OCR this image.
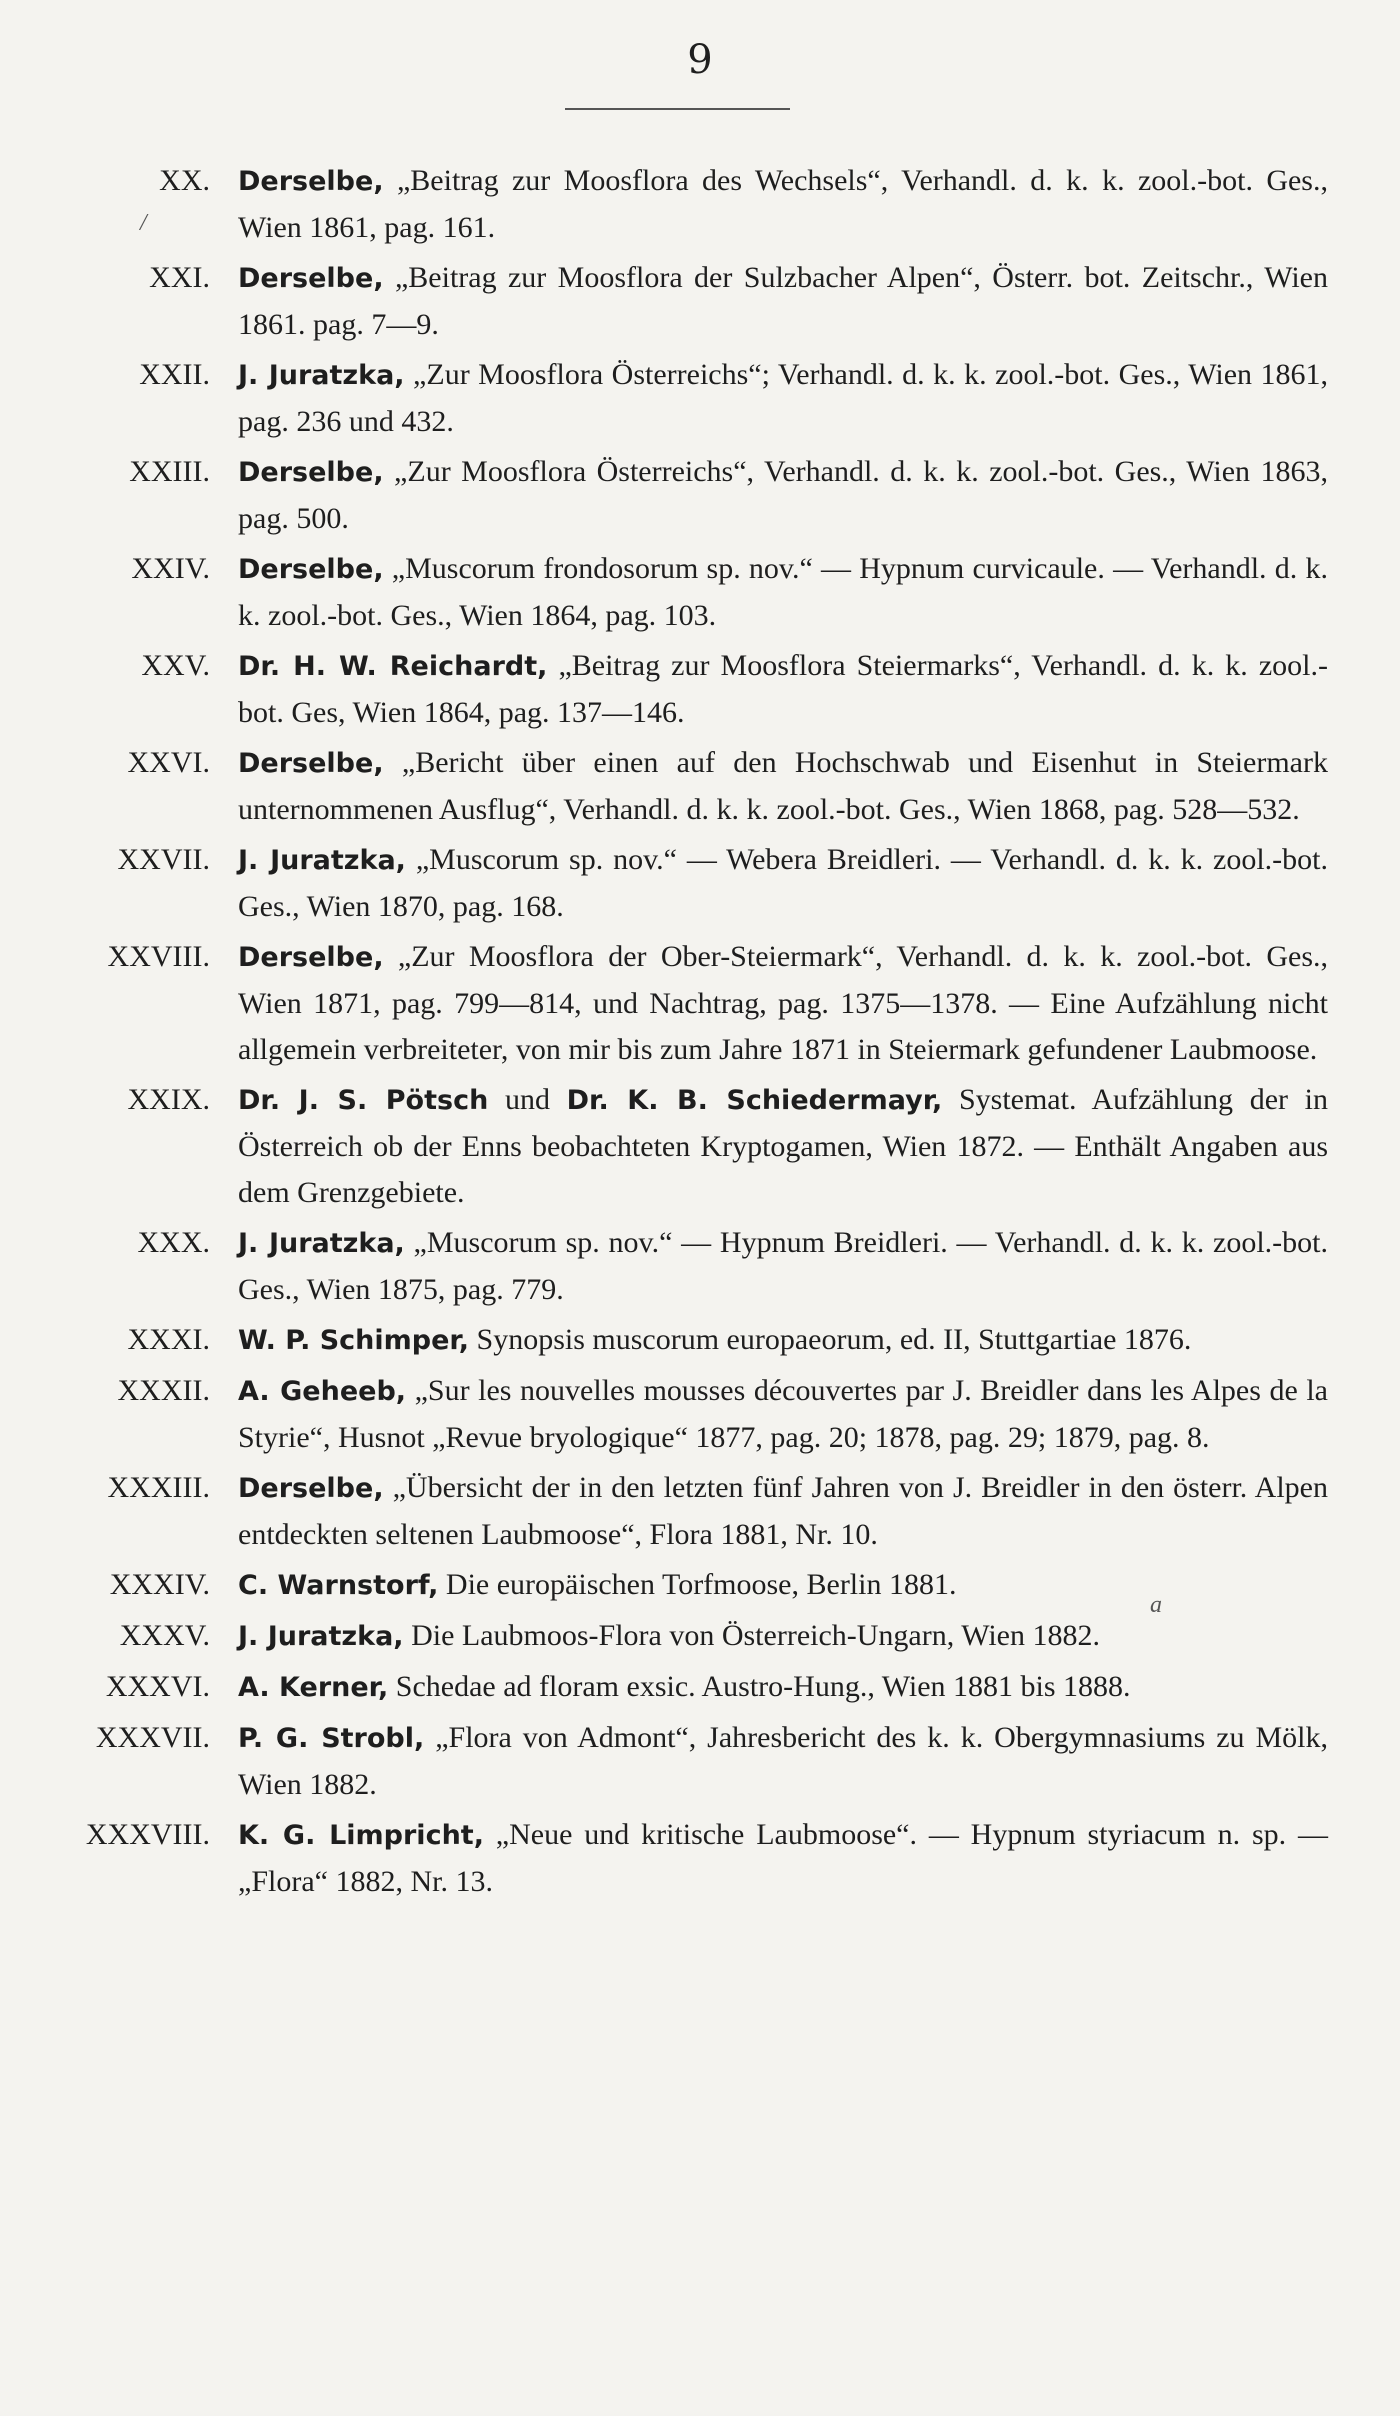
9
/
a
XX. Derselbe, „Beitrag zur Moosflora des Wechsels“, Verhandl. d. k. k. zool.-bot. Ges., Wien 1861, pag. 161.
XXI. Derselbe, „Beitrag zur Moosflora der Sulzbacher Alpen“, Österr. bot. Zeitschr., Wien 1861. pag. 7—9.
XXII. J. Juratzka, „Zur Moosflora Österreichs“; Verhandl. d. k. k. zool.-bot. Ges., Wien 1861, pag. 236 und 432.
XXIII. Derselbe, „Zur Moosflora Österreichs“, Verhandl. d. k. k. zool.-bot. Ges., Wien 1863, pag. 500.
XXIV. Derselbe, „Muscorum frondosorum sp. nov.“ — Hypnum curvicaule. — Verhandl. d. k. k. zool.-bot. Ges., Wien 1864, pag. 103.
XXV. Dr. H. W. Reichardt, „Beitrag zur Moosflora Steiermarks“, Verhandl. d. k. k. zool.-bot. Ges, Wien 1864, pag. 137—146.
XXVI. Derselbe, „Bericht über einen auf den Hochschwab und Eisenhut in Steiermark unternommenen Ausflug“, Verhandl. d. k. k. zool.-bot. Ges., Wien 1868, pag. 528—532.
XXVII. J. Juratzka, „Muscorum sp. nov.“ — Webera Breidleri. — Verhandl. d. k. k. zool.-bot. Ges., Wien 1870, pag. 168.
XXVIII. Derselbe, „Zur Moosflora der Ober-Steiermark“, Verhandl. d. k. k. zool.-bot. Ges., Wien 1871, pag. 799—814, und Nachtrag, pag. 1375—1378. — Eine Aufzählung nicht allgemein verbreiteter, von mir bis zum Jahre 1871 in Steiermark gefundener Laubmoose.
XXIX. Dr. J. S. Pötsch und Dr. K. B. Schiedermayr, Systemat. Aufzählung der in Österreich ob der Enns beobachteten Kryptogamen, Wien 1872. — Enthält Angaben aus dem Grenzgebiete.
XXX. J. Juratzka, „Muscorum sp. nov.“ — Hypnum Breidleri. — Verhandl. d. k. k. zool.-bot. Ges., Wien 1875, pag. 779.
XXXI. W. P. Schimper, Synopsis muscorum europaeorum, ed. II, Stuttgartiae 1876.
XXXII. A. Geheeb, „Sur les nouvelles mousses découvertes par J. Breidler dans les Alpes de la Styrie“, Husnot „Revue bryologique“ 1877, pag. 20; 1878, pag. 29; 1879, pag. 8.
XXXIII. Derselbe, „Übersicht der in den letzten fünf Jahren von J. Breidler in den österr. Alpen entdeckten seltenen Laubmoose“, Flora 1881, Nr. 10.
XXXIV. C. Warnstorf, Die europäischen Torfmoose, Berlin 1881.
XXXV. J. Juratzka, Die Laubmoos-Flora von Österreich-Ungarn, Wien 1882.
XXXVI. A. Kerner, Schedae ad floram exsic. Austro-Hung., Wien 1881 bis 1888.
XXXVII. P. G. Strobl, „Flora von Admont“, Jahresbericht des k. k. Obergymnasiums zu Mölk, Wien 1882.
XXXVIII. K. G. Limpricht, „Neue und kritische Laubmoose“. — Hypnum styriacum n. sp. — „Flora“ 1882, Nr. 13.
